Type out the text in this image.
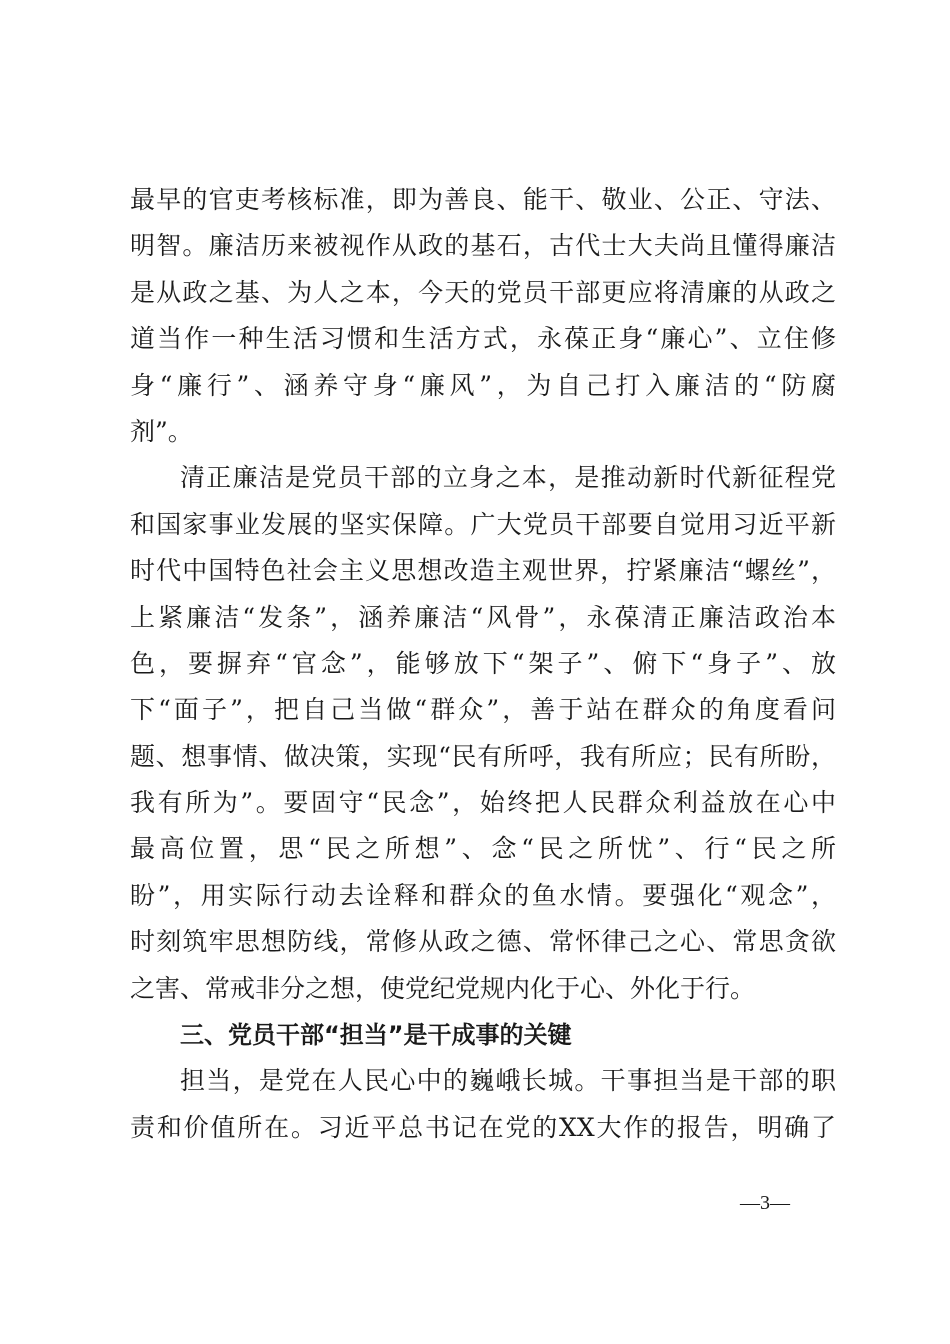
最早的官吏考核标准，即为善良、能干、敬业、公正、守法、
明智。廉洁历来被视作从政的基石，古代士大夫尚且懂得廉洁
是从政之基、为人之本，今天的党员干部更应将清廉的从政之
道当作一种生活习惯和生活方式，永葆正身“廉心”、立住修
身“廉行”、涵养守身“廉风”，为自己打入廉洁的“防腐
剂”。
清正廉洁是党员干部的立身之本，是推动新时代新征程党
和国家事业发展的坚实保障。广大党员干部要自觉用习近平新
时代中国特色社会主义思想改造主观世界，拧紧廉洁“螺丝”，
上紧廉洁“发条”，涵养廉洁“风骨”，永葆清正廉洁政治本
色，要摒弃“官念”，能够放下“架子”、俯下“身子”、放
下“面子”，把自己当做“群众”，善于站在群众的角度看问
题、想事情、做决策，实现“民有所呼，我有所应；民有所盼，
我有所为”。要固守“民念”，始终把人民群众利益放在心中
最高位置，思“民之所想”、念“民之所忧”、行“民之所
盼”，用实际行动去诠释和群众的鱼水情。要强化“观念”，
时刻筑牢思想防线，常修从政之德、常怀律己之心、常思贪欲
之害、常戒非分之想，使党纪党规内化于心、外化于行。
三、党员干部“担当”是干成事的关键
担当，是党在人民心中的巍峨长城。干事担当是干部的职
责和价值所在。习近平总书记在党的XX大作的报告，明确了
—3—
